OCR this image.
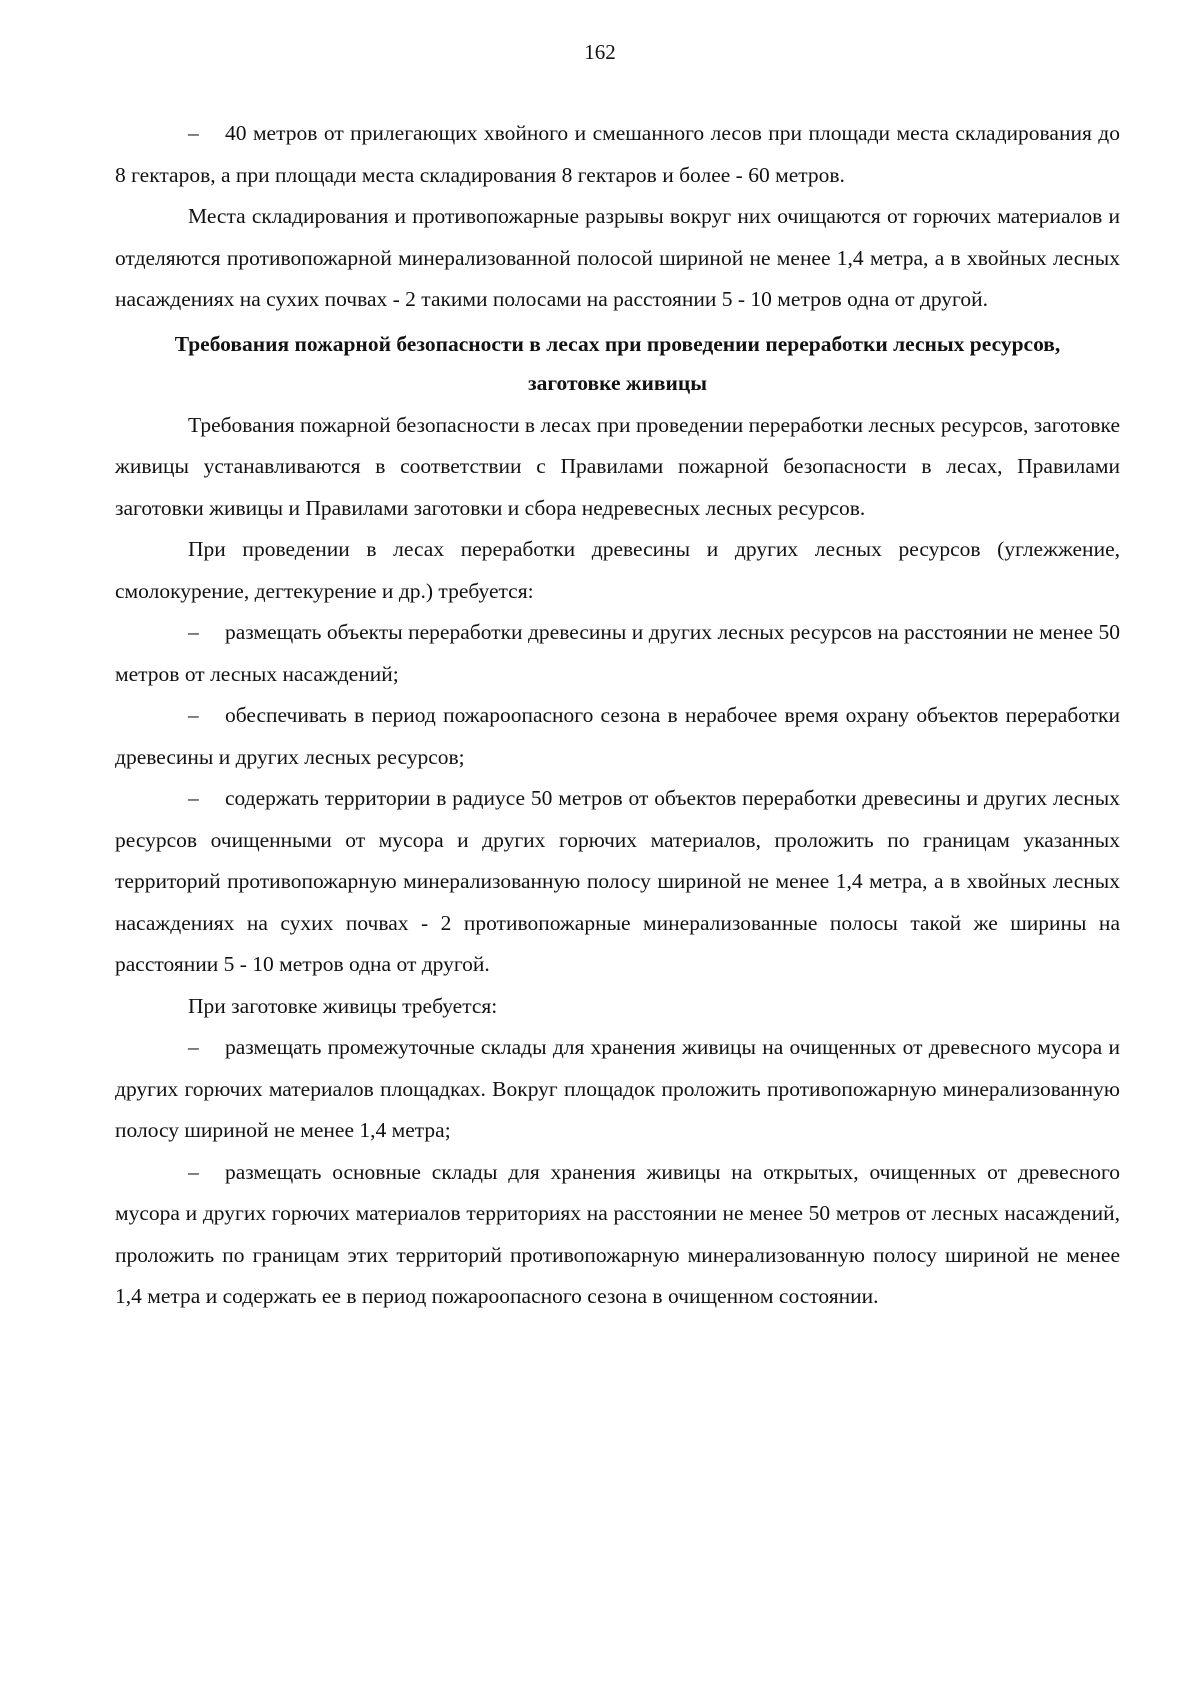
162

– 40 метров от прилегающих хвойного и смешанного лесов при площади места складирования до 8 гектаров, а при площади места складирования 8 гектаров и более - 60 метров.

Места складирования и противопожарные разрывы вокруг них очищаются от горючих материалов и отделяются противопожарной минерализованной полосой шириной не менее 1,4 метра, а в хвойных лесных насаждениях на сухих почвах - 2 такими полосами на расстоянии 5 - 10 метров одна от другой.

Требования пожарной безопасности в лесах при проведении переработки лесных ресурсов, заготовке живицы

Требования пожарной безопасности в лесах при проведении переработки лесных ресурсов, заготовке живицы устанавливаются в соответствии с Правилами пожарной безопасности в лесах, Правилами заготовки живицы и Правилами заготовки и сбора недревесных лесных ресурсов.

При проведении в лесах переработки древесины и других лесных ресурсов (углежжение, смолокурение, дегтекурение и др.) требуется:

– размещать объекты переработки древесины и других лесных ресурсов на расстоянии не менее 50 метров от лесных насаждений;

– обеспечивать в период пожароопасного сезона в нерабочее время охрану объектов переработки древесины и других лесных ресурсов;

– содержать территории в радиусе 50 метров от объектов переработки древесины и других лесных ресурсов очищенными от мусора и других горючих материалов, проложить по границам указанных территорий противопожарную минерализованную полосу шириной не менее 1,4 метра, а в хвойных лесных насаждениях на сухих почвах - 2 противопожарные минерализованные полосы такой же ширины на расстоянии 5 - 10 метров одна от другой.

При заготовке живицы требуется:

– размещать промежуточные склады для хранения живицы на очищенных от древесного мусора и других горючих материалов площадках. Вокруг площадок проложить противопожарную минерализованную полосу шириной не менее 1,4 метра;

– размещать основные склады для хранения живицы на открытых, очищенных от древесного мусора и других горючих материалов территориях на расстоянии не менее 50 метров от лесных насаждений, проложить по границам этих территорий противопожарную минерализованную полосу шириной не менее 1,4 метра и содержать ее в период пожароопасного сезона в очищенном состоянии.
